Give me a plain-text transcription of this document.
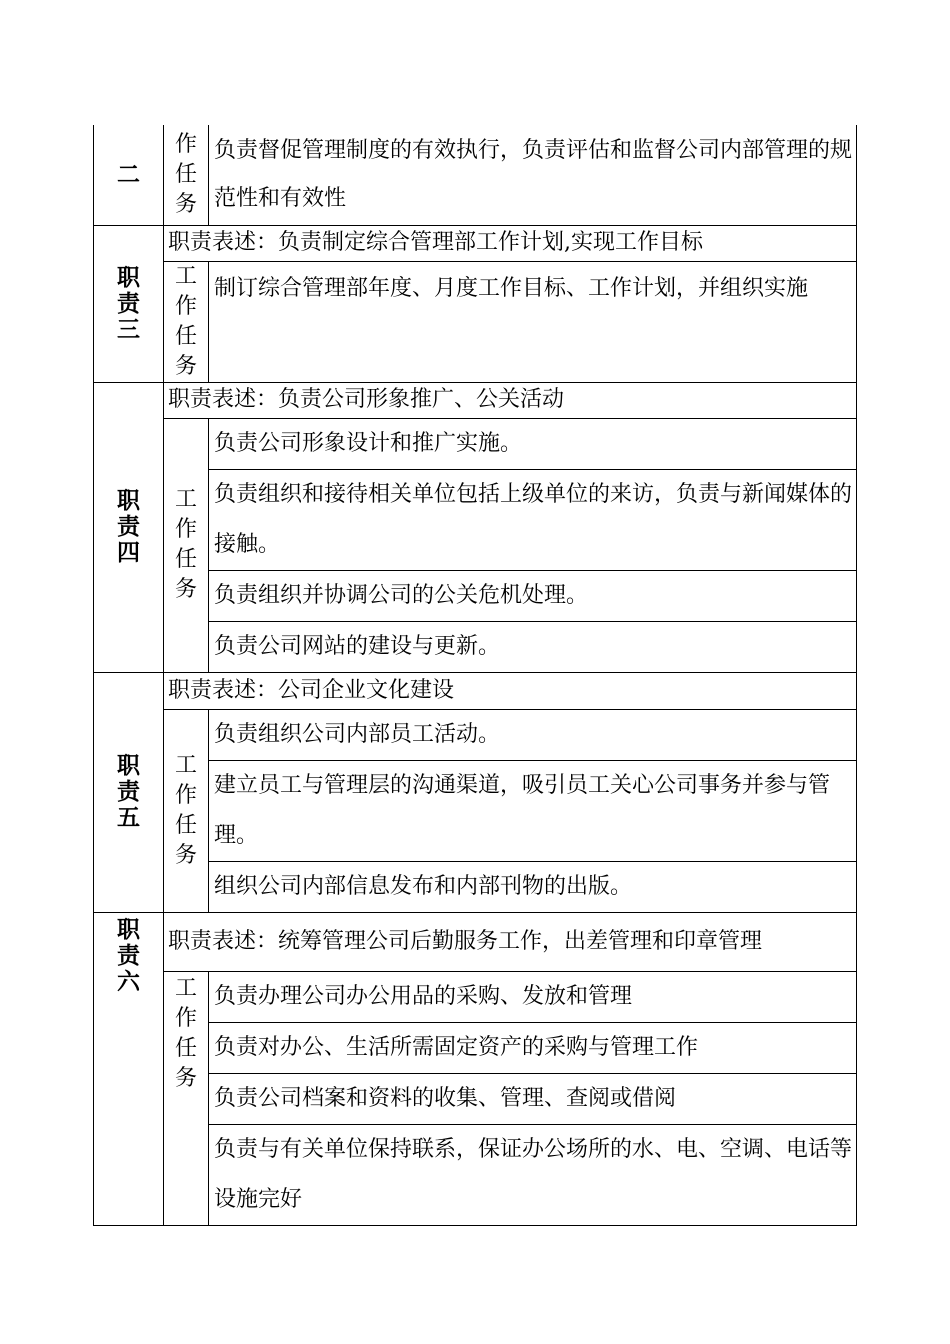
二	作任务	负责督促管理制度的有效执行，负责评估和监督公司内部管理的规范性和有效性
职责三	职责表述：负责制定综合管理部工作计划,实现工作目标	
	工作任务	制订综合管理部年度、月度工作目标、工作计划，并组织实施
职责四	职责表述：负责公司形象推广、公关活动	
	工作任务	负责公司形象设计和推广实施。
		负责组织和接待相关单位包括上级单位的来访，负责与新闻媒体的接触。
		负责组织并协调公司的公关危机处理。
		负责公司网站的建设与更新。
职责五	职责表述：公司企业文化建设	
	工作任务	负责组织公司内部员工活动。
		建立员工与管理层的沟通渠道，吸引员工关心公司事务并参与管理。
		组织公司内部信息发布和内部刊物的出版。
职责六	职责表述：统筹管理公司后勤服务工作，出差管理和印章管理	
	工作任务	负责办理公司办公用品的采购、发放和管理
		负责对办公、生活所需固定资产的采购与管理工作
		负责公司档案和资料的收集、管理、查阅或借阅
		负责与有关单位保持联系，保证办公场所的水、电、空调、电话等设施完好
